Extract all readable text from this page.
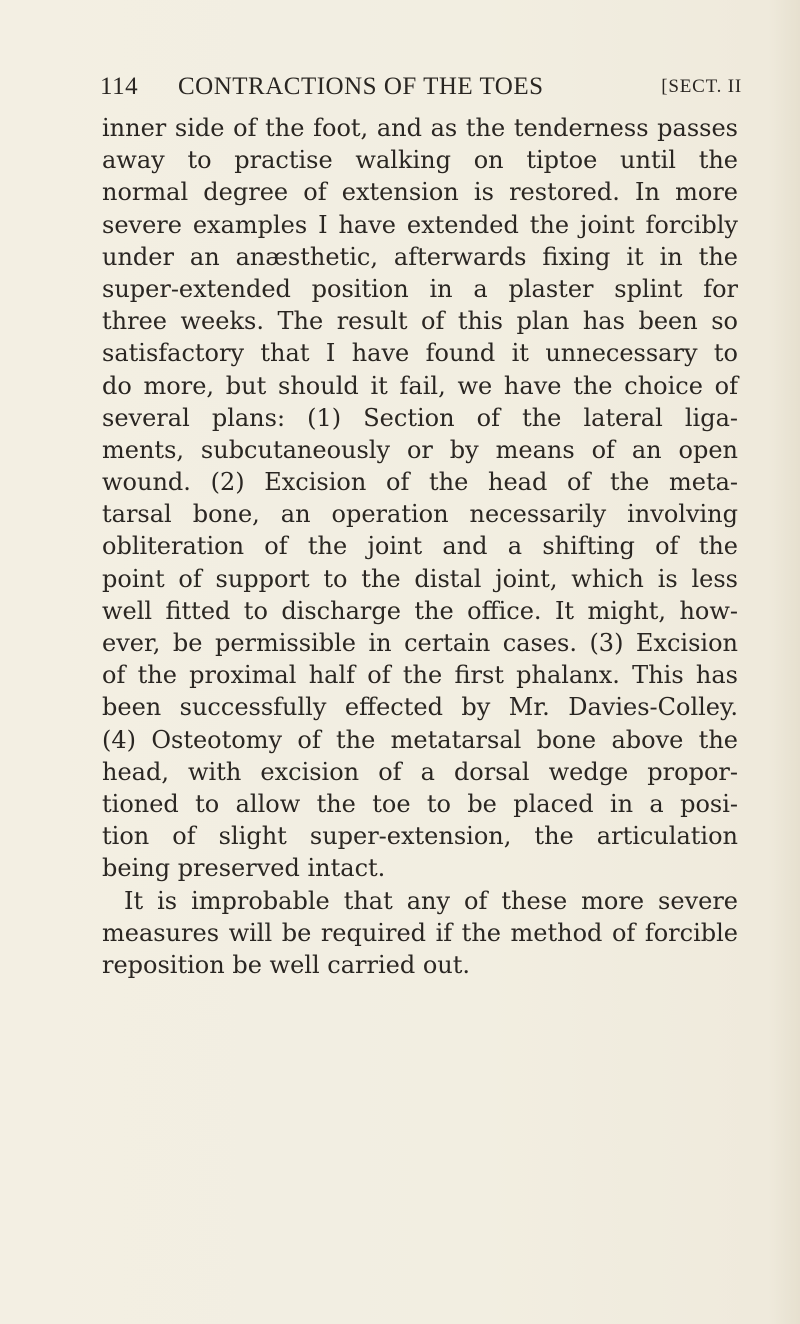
114 CONTRACTIONS OF THE TOES	[SECT. II
inner side of the foot, and as the tenderness passes
away to practise walking on tiptoe until the
normal degree of extension is restored. In more
severe examples I have extended the joint forcibly
under an anæsthetic, afterwards fixing it in the
super-extended position in a plaster splint for
three weeks. The result of this plan has been so
satisfactory that I have found it unnecessary to
do more, but should it fail, we have the choice of
several plans: (1) Section of the lateral liga-
ments, subcutaneously or by means of an open
wound. (2) Excision of the head of the meta-
tarsal bone, an operation necessarily involving
obliteration of the joint and a shifting of the
point of support to the distal joint, which is less
well fitted to discharge the office. It might, how-
ever, be permissible in certain cases. (3) Excision
of the proximal half of the first phalanx. This has
been successfully effected by Mr. Davies-Colley.
(4) Osteotomy of the metatarsal bone above the
head, with excision of a dorsal wedge propor-
tioned to allow the toe to be placed in a posi-
tion of slight super-extension, the articulation
being preserved intact.
It is improbable that any of these more severe
measures will be required if the method of forcible
reposition be well carried out.
